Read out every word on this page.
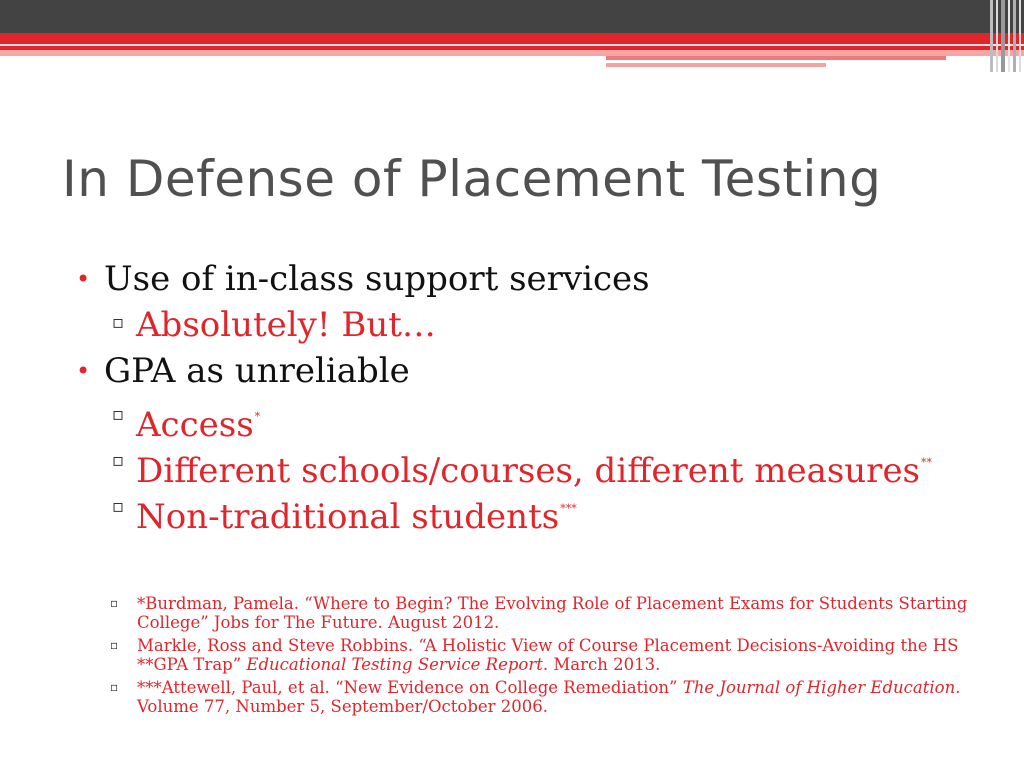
In Defense of Placement Testing
• Use of in-class support services
▫ Absolutely! But…
• GPA as unreliable
▫ Access*
▫ Different schools/courses, different measures**
▫ Non-traditional students***
▫ *Burdman, Pamela. “Where to Begin? The Evolving Role of Placement Exams for Students Starting College” Jobs for The Future. August 2012.
▫ Markle, Ross and Steve Robbins. “A Holistic View of Course Placement Decisions-Avoiding the HS **GPA Trap” Educational Testing Service Report. March 2013.
▫ ***Attewell, Paul, et al. “New Evidence on College Remediation” The Journal of Higher Education. Volume 77, Number 5, September/October 2006.
